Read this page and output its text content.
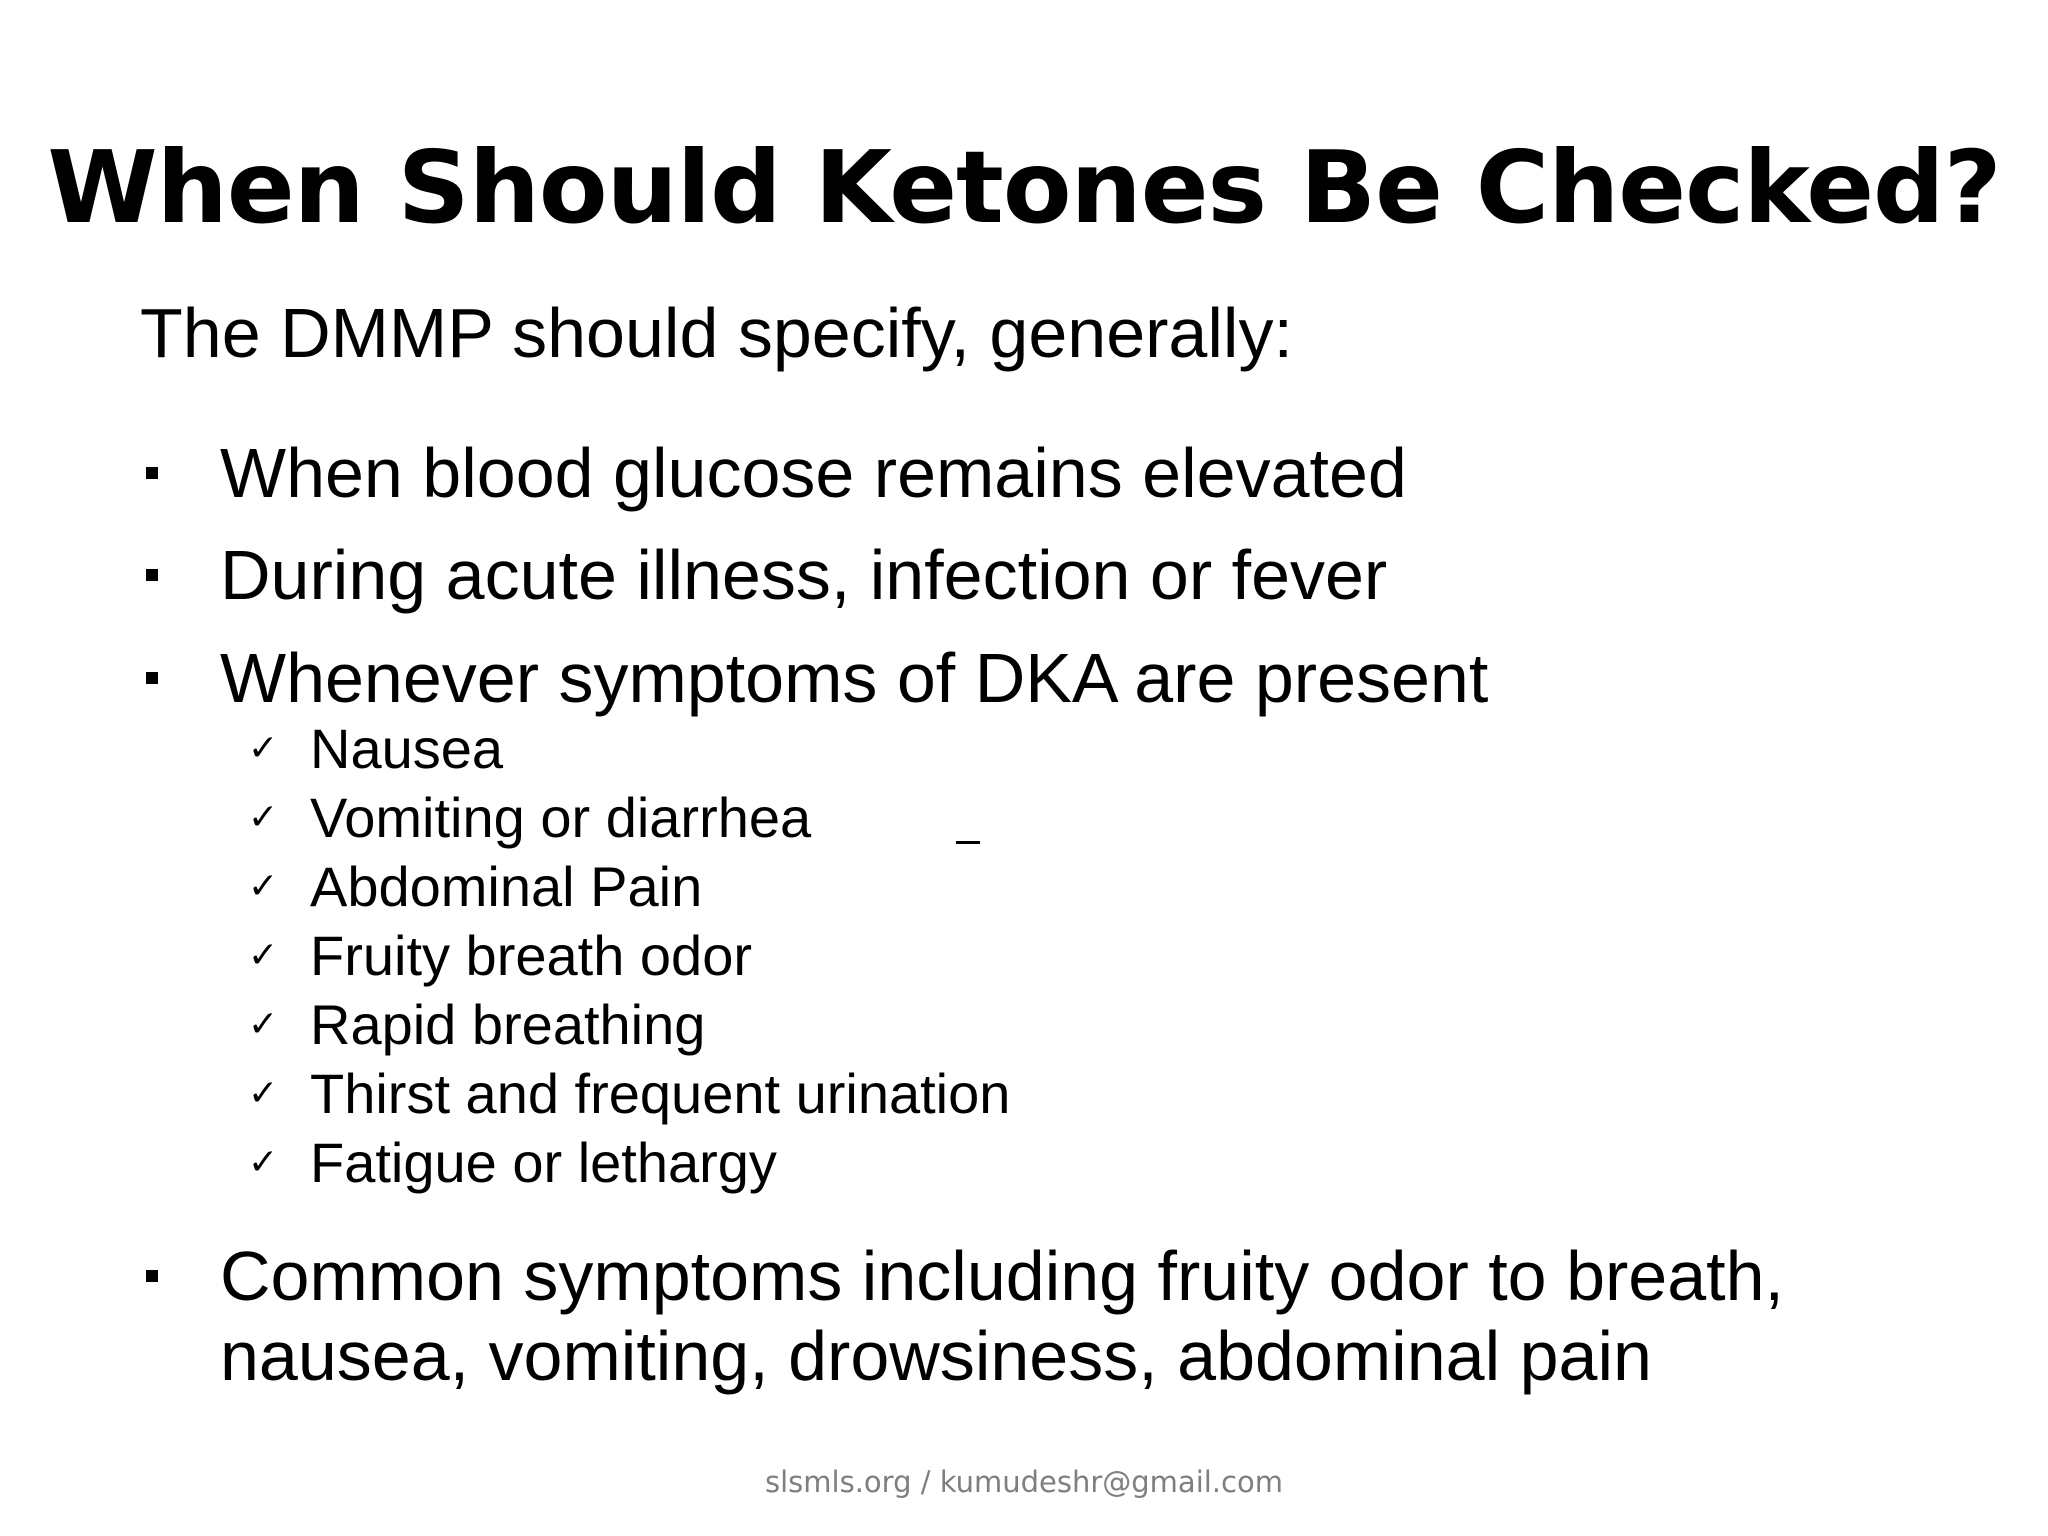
When Should Ketones Be Checked?

The DMMP should specify, generally:

When blood glucose remains elevated
During acute illness, infection or fever
Whenever symptoms of DKA are present
✓ Nausea
✓ Vomiting or diarrhea
✓ Abdominal Pain
✓ Fruity breath odor
✓ Rapid breathing
✓ Thirst and frequent urination
✓ Fatigue or lethargy
Common symptoms including fruity odor to breath, nausea, vomiting, drowsiness, abdominal pain
slsmls.org / kumudeshr@gmail.com
